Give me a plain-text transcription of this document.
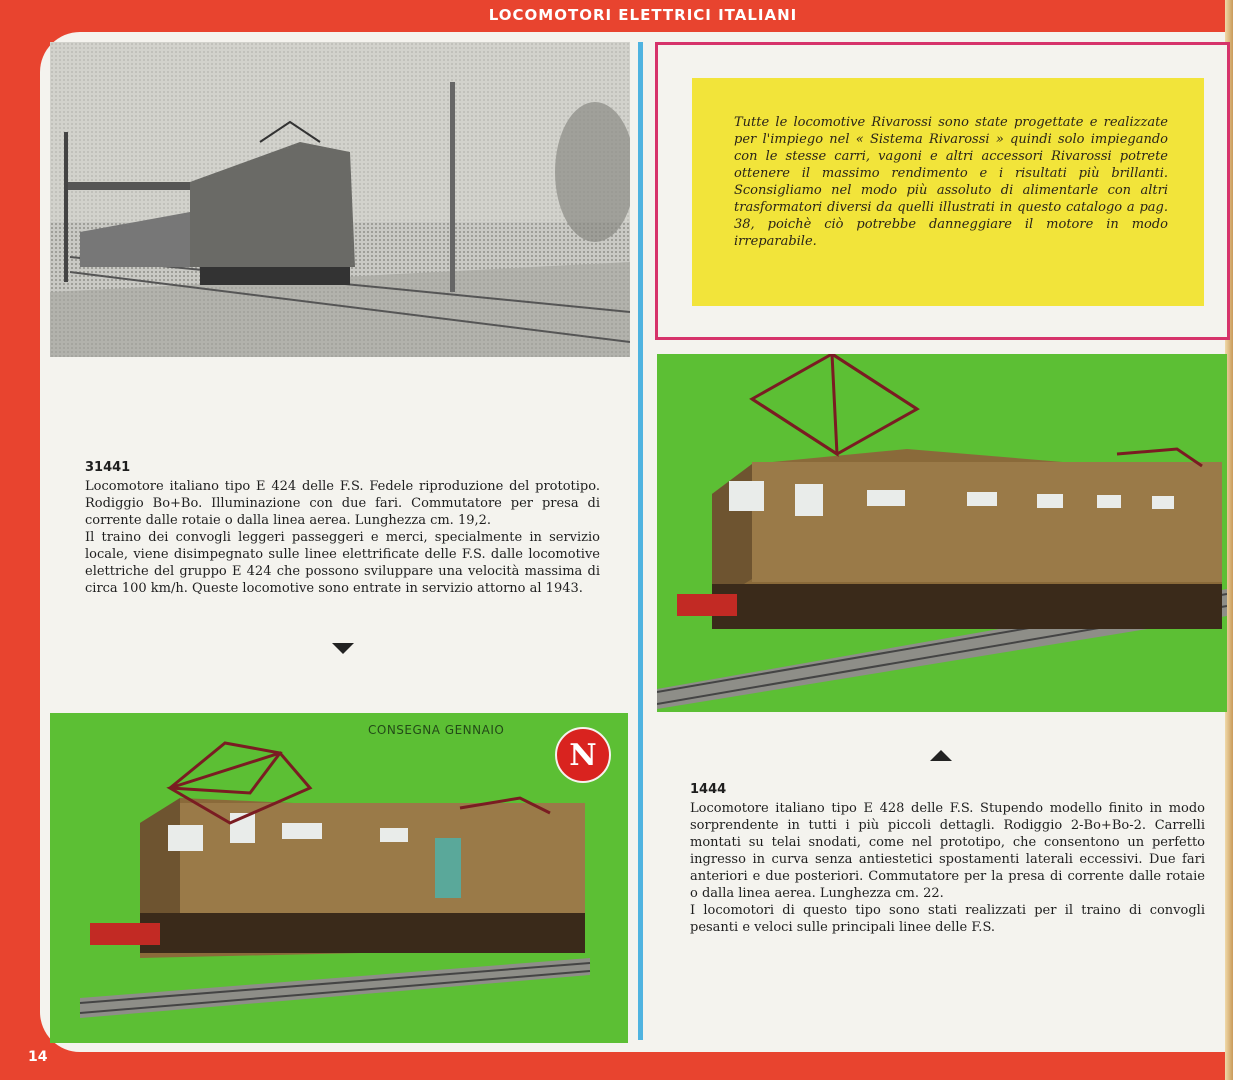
LOCOMOTORI ELETTRICI ITALIANI
31441

Locomotore italiano tipo E 424 delle F.S. Fedele riproduzione del prototipo. Rodiggio Bo+Bo. Illuminazione con due fari. Commutatore per presa di corrente dalle rotaie o dalla linea aerea. Lunghezza cm. 19,2.

Il traino dei convogli leggeri passeggeri e merci, specialmente in servizio locale, viene disimpegnato sulle linee elettrificate delle F.S. dalle locomotive elettriche del gruppo E 424 che possono sviluppare una velocità massima di circa 100 km/h. Queste locomotive sono entrate in servizio attorno al 1943.

CONSEGNA GENNAIO
N

Tutte le locomotive Rivarossi sono state progettate e realizzate per l'impiego nel « Sistema Rivarossi » quindi solo impiegando con le stesse carri, vagoni e altri accessori Rivarossi potrete ottenere il massimo rendimento e i risultati più brillanti. Sconsigliamo nel modo più assoluto di alimentarle con altri trasformatori diversi da quelli illustrati in questo catalogo a pag. 38, poichè ciò potrebbe danneggiare il motore in modo irreparabile.

1444

Locomotore italiano tipo E 428 delle F.S. Stupendo modello finito in modo sorprendente in tutti i più piccoli dettagli. Rodiggio 2-Bo+Bo-2. Carrelli montati su telai snodati, come nel prototipo, che consentono un perfetto ingresso in curva senza antiestetici spostamenti laterali eccessivi. Due fari anteriori e due posteriori. Commutatore per la presa di corrente dalle rotaie o dalla linea aerea. Lunghezza cm. 22.

I locomotori di questo tipo sono stati realizzati per il traino di convogli pesanti e veloci sulle principali linee delle F.S.

14
